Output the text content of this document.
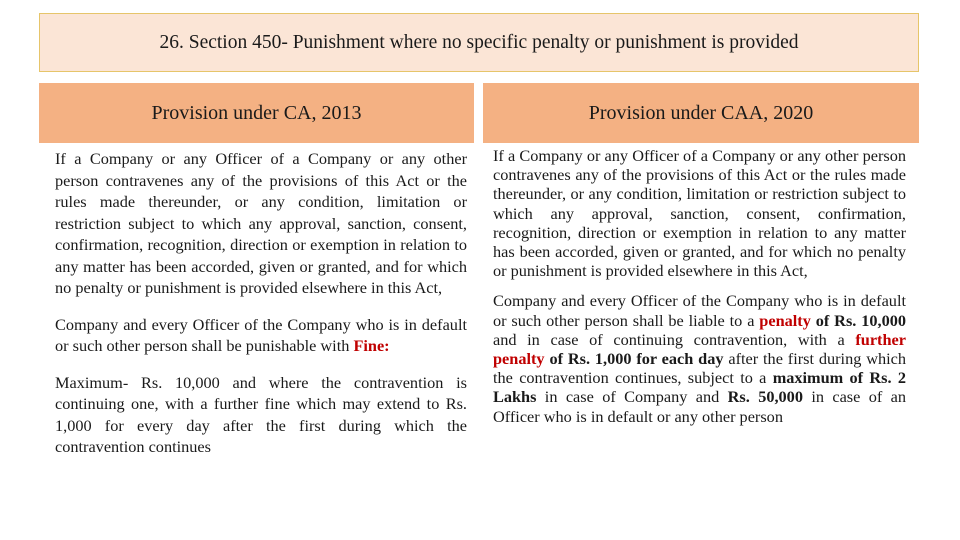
26. Section 450- Punishment where no specific penalty or punishment is provided
Provision under CA, 2013	Provision under CAA, 2020

If a Company or any Officer of a Company or any other person contravenes any of the provisions of this Act or the rules made thereunder, or any condition, limitation or restriction subject to which any approval, sanction, consent, confirmation, recognition, direction or exemption in relation to any matter has been accorded, given or granted, and for which no penalty or punishment is provided elsewhere in this Act,

Company and every Officer of the Company who is in default or such other person shall be punishable with Fine:

Maximum- Rs. 10,000 and where the contravention is continuing one, with a further fine which may extend to Rs. 1,000 for every day after the first during which the contravention continues

If a Company or any Officer of a Company or any other person contravenes any of the provisions of this Act or the rules made thereunder, or any condition, limitation or restriction subject to which any approval, sanction, consent, confirmation, recognition, direction or exemption in relation to any matter has been accorded, given or granted, and for which no penalty or punishment is provided elsewhere in this Act,

Company and every Officer of the Company who is in default or such other person shall be liable to a penalty of Rs. 10,000 and in case of continuing contravention, with a further penalty of Rs. 1,000 for each day after the first during which the contravention continues, subject to a maximum of Rs. 2 Lakhs in case of Company and Rs. 50,000 in case of an Officer who is in default or any other person
